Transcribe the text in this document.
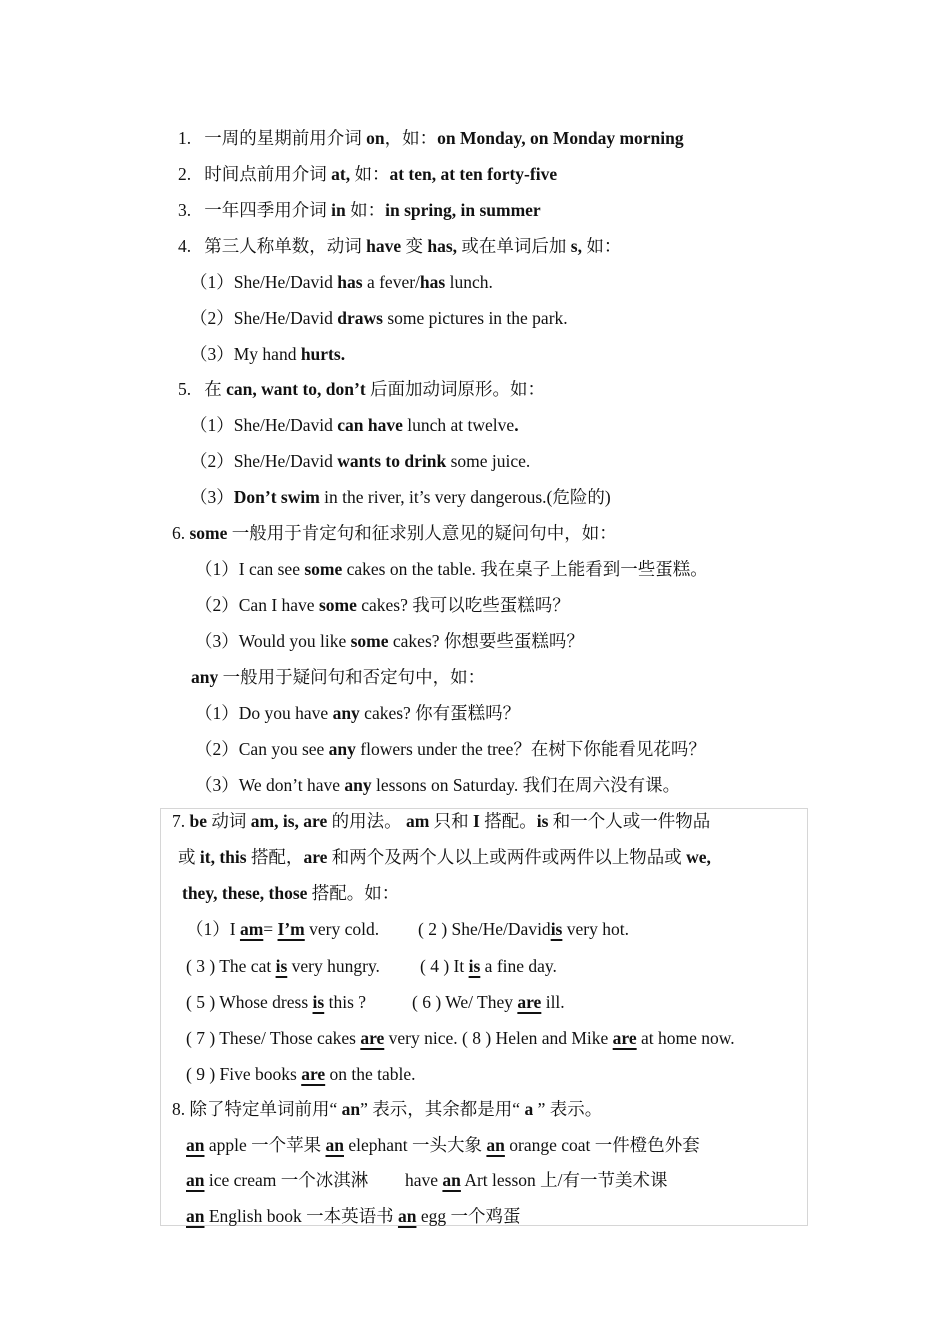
1. 一周的星期前用介词 on，如：on Monday, on Monday morning
2. 时间点前用介词 at, 如：at ten, at ten forty-five
3. 一年四季用介词 in 如：in spring, in summer
4. 第三人称单数，动词 have 变 has, 或在单词后加 s, 如：
（1）She/He/David has a fever/has lunch.
（2）She/He/David draws some pictures in the park.
（3）My hand hurts.
5. 在 can, want to, don’t 后面加动词原形。如：
（1）She/He/David can have lunch at twelve.
（2）She/He/David wants to drink some juice.
（3）Don’t swim in the river, it’s very dangerous.(危险的)
6. some 一般用于肯定句和征求别人意见的疑问句中，如：
（1）I can see some cakes on the table. 我在桌子上能看到一些蛋糕。
（2）Can I have some cakes? 我可以吃些蛋糕吗？
（3）Would you like some cakes? 你想要些蛋糕吗？
any 一般用于疑问句和否定句中，如：
（1）Do you have any cakes? 你有蛋糕吗？
（2）Can you see any flowers under the tree？在树下你能看见花吗？
（3）We don’t have any lessons on Saturday. 我们在周六没有课。
7. be 动词 am, is, are 的用法。 am 只和 I 搭配。is 和一个人或一件物品
或 it, this 搭配，are 和两个及两个人以上或两件或两件以上物品或 we,
they, these, those 搭配。如：
（1）I am= I’m very cold. ( 2 ) She/He/Davidis very hot.
( 3 ) The cat is very hungry. ( 4 ) It is a fine day.
( 5 ) Whose dress is this ?	( 6 ) We/ They are ill.
( 7 ) These/ Those cakes are very nice. ( 8 ) Helen and Mike are at home now.
( 9 ) Five books are on the table.
8. 除了特定单词前用“ an” 表示，其余都是用“ a ” 表示。
an apple 一个苹果 an elephant 一头大象 an orange coat 一件橙色外套
an ice cream 一个冰淇淋 have an Art lesson 上/有一节美术课
an English book 一本英语书 an egg 一个鸡蛋
